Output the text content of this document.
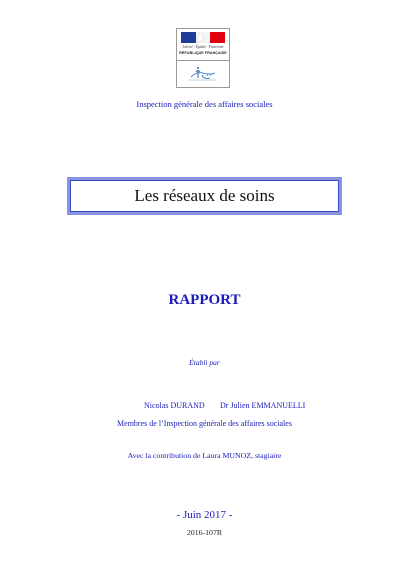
Liberté · Égalité · Fraternité
RÉPUBLIQUE FRANÇAISE
Inspection générale des affaires sociales
Les réseaux de soins
RAPPORT
Établi par
Nicolas DURAND Dr Julien EMMANUELLI
Membres de l’Inspection générale des affaires sociales
Avec la contribution de Laura MUNOZ, stagiaire
- Juin 2017 -
2016-107R
